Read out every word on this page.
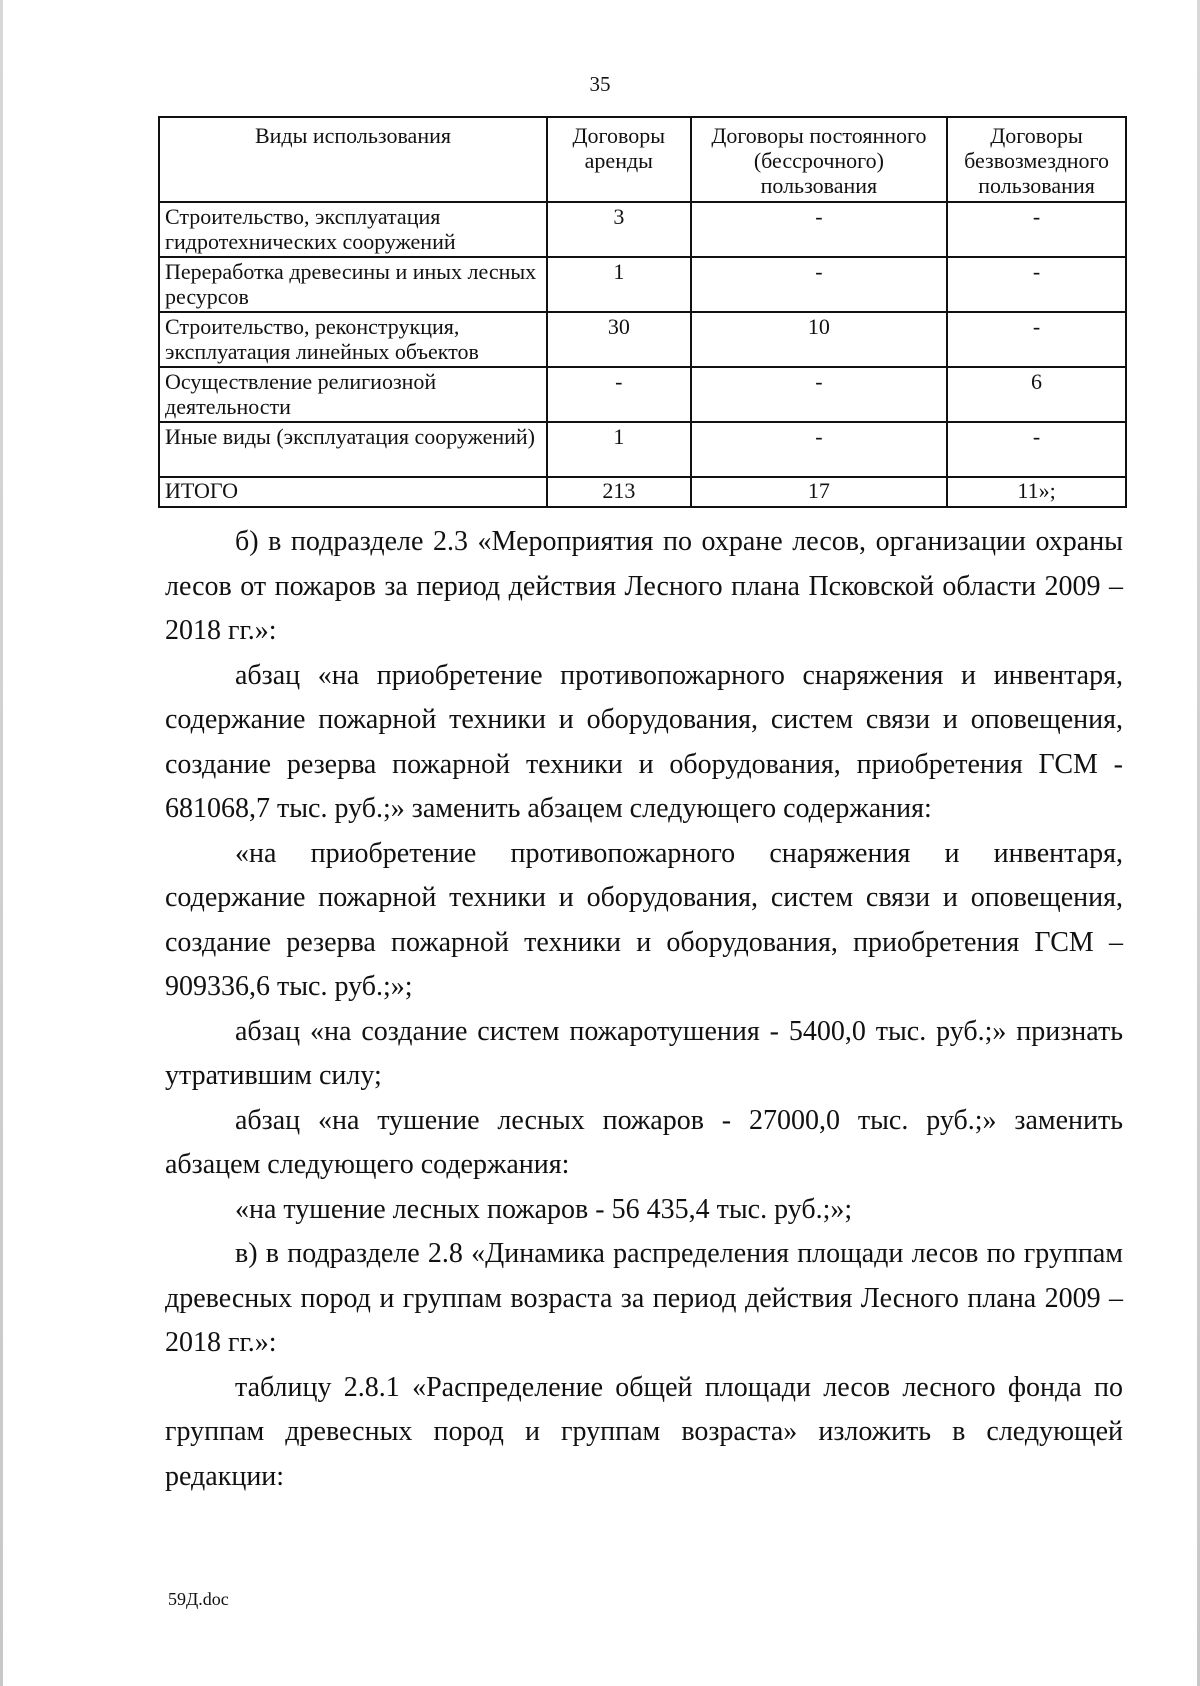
35
Виды использования	Договоры аренды	Договоры постоянного (бессрочного) пользования	Договоры безвозмездного пользования
Строительство, эксплуатация гидротехнических сооружений	3	-	-
Переработка древесины и иных лесных ресурсов	1	-	-
Строительство, реконструкция, эксплуатация линейных объектов	30	10	-
Осуществление религиозной деятельности	-	-	6
Иные виды (эксплуатация сооружений)	1	-	-
ИТОГО	213	17	11»;

б) в подразделе 2.3 «Мероприятия по охране лесов, организации охраны лесов от пожаров за период действия Лесного плана Псковской области 2009 – 2018 гг.»:

абзац «на приобретение противопожарного снаряжения и инвентаря, содержание пожарной техники и оборудования, систем связи и оповещения, создание резерва пожарной техники и оборудования, приобретения ГСМ - 681068,7 тыс. руб.;» заменить абзацем следующего содержания:

«на приобретение противопожарного снаряжения и инвентаря, содержание пожарной техники и оборудования, систем связи и оповещения, создание резерва пожарной техники и оборудования, приобретения ГСМ – 909336,6 тыс. руб.;»;

абзац «на создание систем пожаротушения - 5400,0 тыс. руб.;» признать утратившим силу;

абзац «на тушение лесных пожаров - 27000,0 тыс. руб.;» заменить абзацем следующего содержания:

«на тушение лесных пожаров - 56 435,4 тыс. руб.;»;

в) в подразделе 2.8 «Динамика распределения площади лесов по группам древесных пород и группам возраста за период действия Лесного плана 2009 – 2018 гг.»:

таблицу 2.8.1 «Распределение общей площади лесов лесного фонда по группам древесных пород и группам возраста» изложить в следующей редакции:

59Д.doc
